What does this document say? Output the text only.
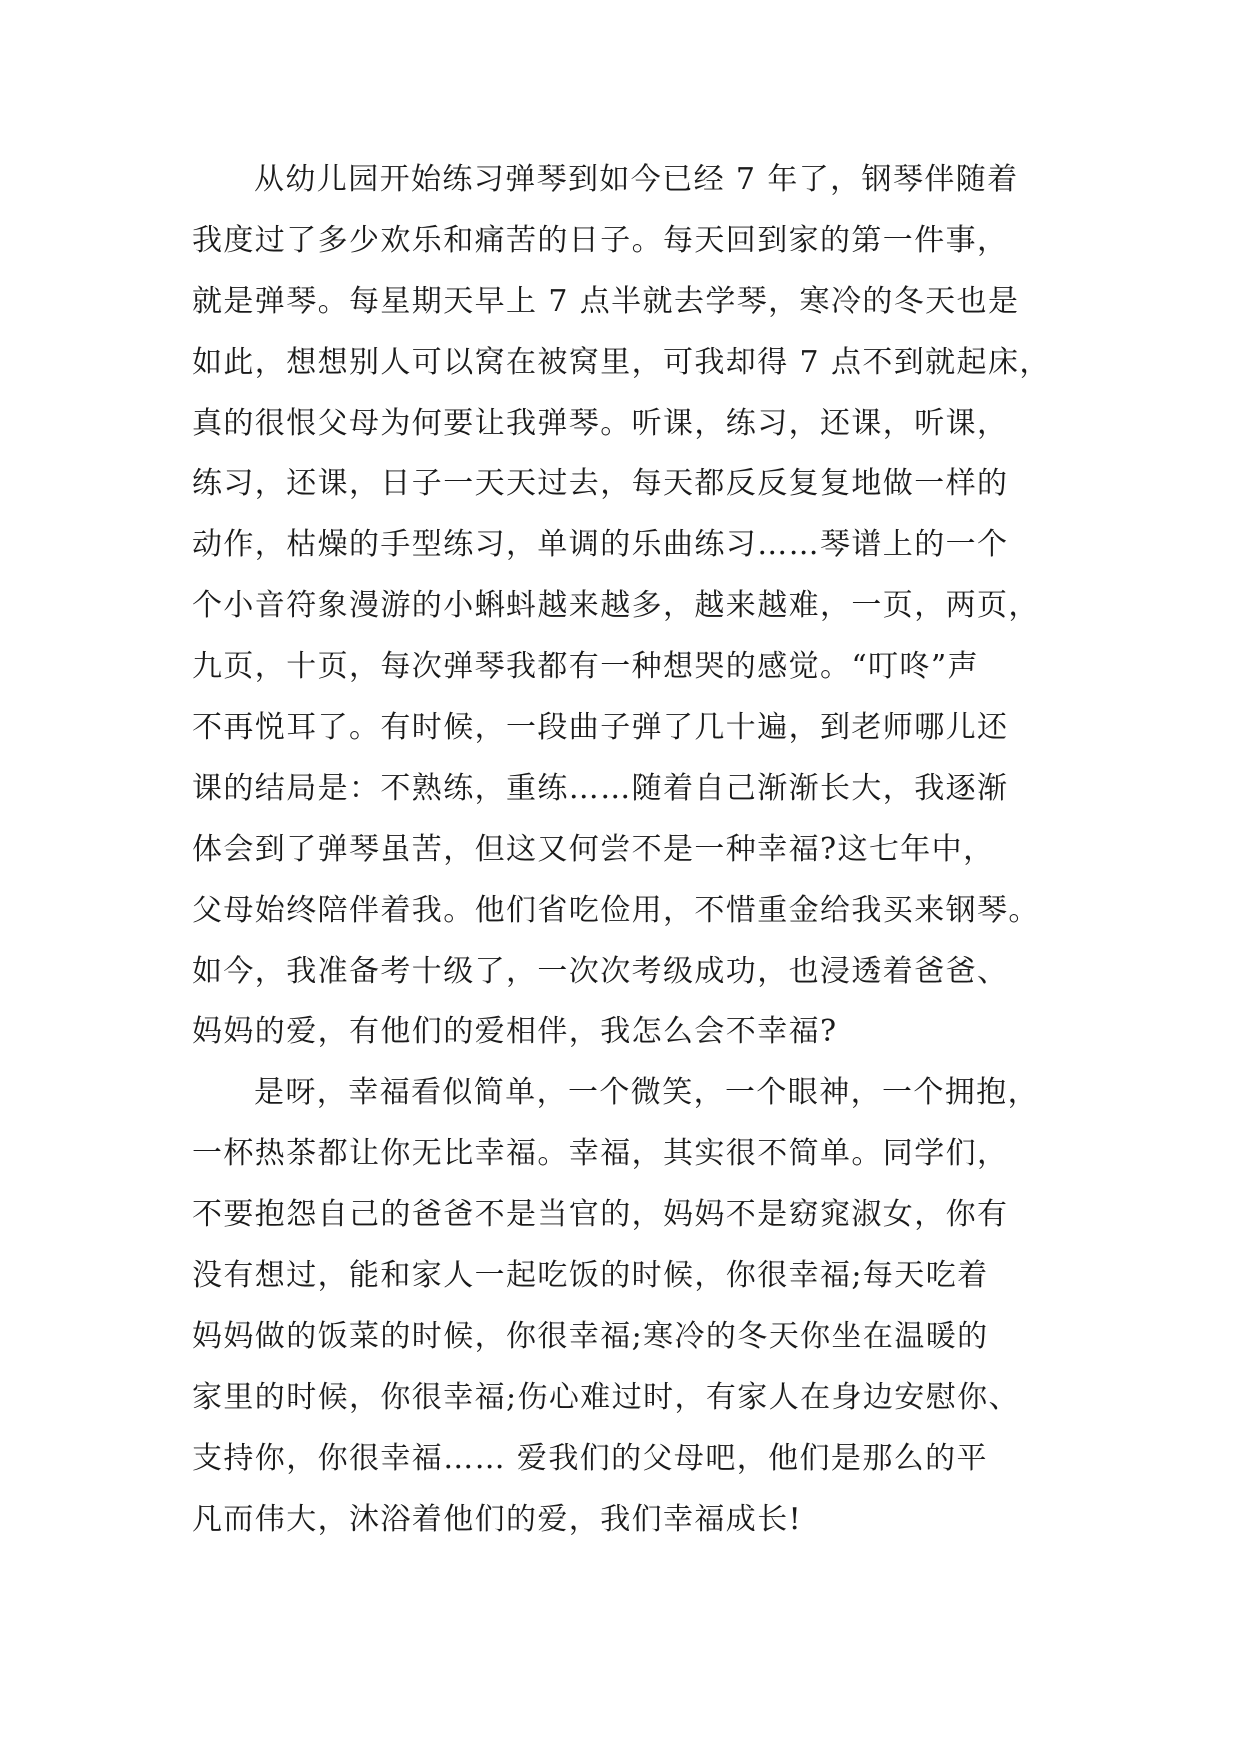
从幼儿园开始练习弹琴到如今已经 7 年了，钢琴伴随着
我度过了多少欢乐和痛苦的日子。每天回到家的第一件事，
就是弹琴。每星期天早上 7 点半就去学琴，寒冷的冬天也是
如此，想想别人可以窝在被窝里，可我却得 7 点不到就起床，
真的很恨父母为何要让我弹琴。听课，练习，还课，听课，
练习，还课，日子一天天过去，每天都反反复复地做一样的
动作，枯燥的手型练习，单调的乐曲练习……琴谱上的一个
个小音符象漫游的小蝌蚪越来越多，越来越难，一页，两页，
九页，十页，每次弹琴我都有一种想哭的感觉。“叮咚”声
不再悦耳了。有时候，一段曲子弹了几十遍，到老师哪儿还
课的结局是：不熟练，重练……随着自己渐渐长大，我逐渐
体会到了弹琴虽苦，但这又何尝不是一种幸福?这七年中，
父母始终陪伴着我。他们省吃俭用，不惜重金给我买来钢琴。
如今，我准备考十级了，一次次考级成功，也浸透着爸爸、
妈妈的爱，有他们的爱相伴，我怎么会不幸福?
是呀，幸福看似简单，一个微笑，一个眼神，一个拥抱，
一杯热茶都让你无比幸福。幸福，其实很不简单。同学们，
不要抱怨自己的爸爸不是当官的，妈妈不是窈窕淑女，你有
没有想过，能和家人一起吃饭的时候，你很幸福;每天吃着
妈妈做的饭菜的时候，你很幸福;寒冷的冬天你坐在温暖的
家里的时候，你很幸福;伤心难过时，有家人在身边安慰你、
支持你，你很幸福…… 爱我们的父母吧，他们是那么的平
凡而伟大，沐浴着他们的爱，我们幸福成长!
